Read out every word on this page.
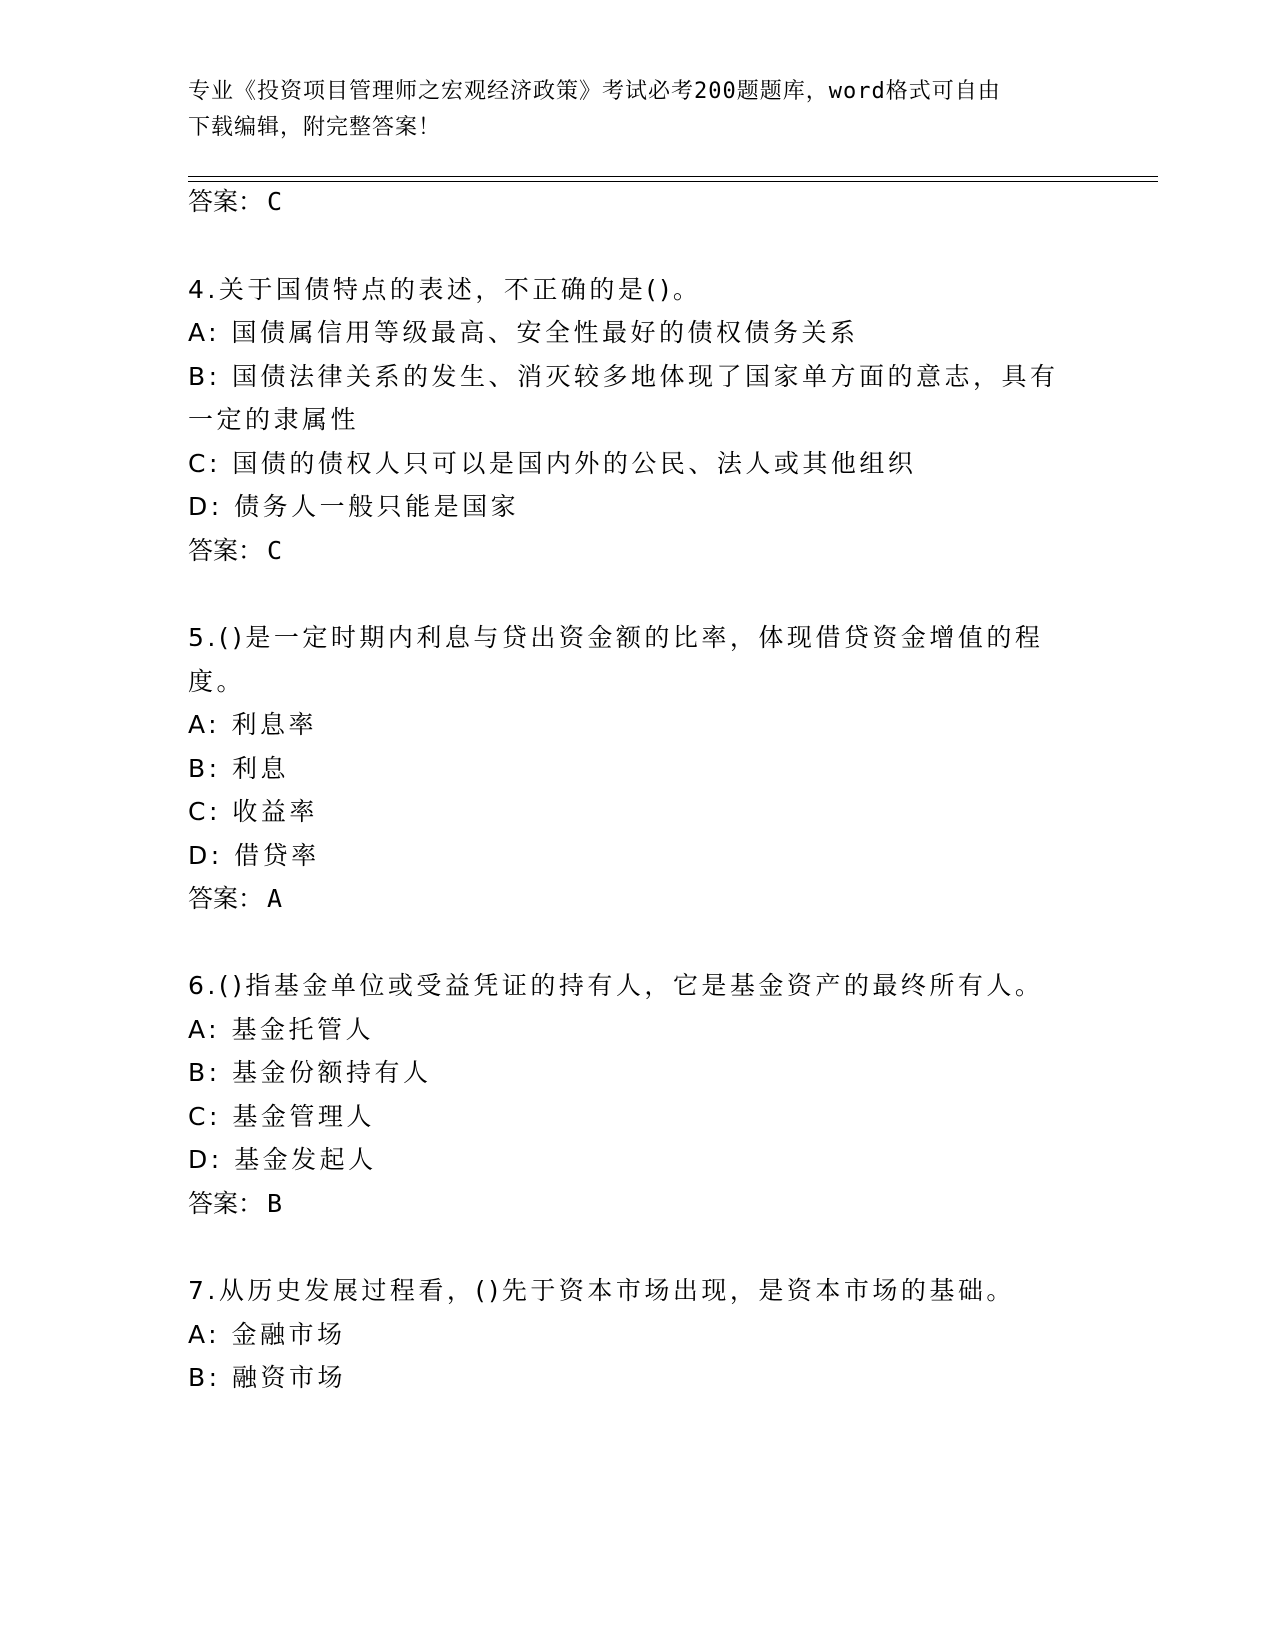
专业《投资项目管理师之宏观经济政策》考试必考200题题库，word格式可自由
下载编辑，附完整答案！
答案： C
4.关于国债特点的表述，不正确的是()。
A: 国债属信用等级最高、安全性最好的债权债务关系
B: 国债法律关系的发生、消灭较多地体现了国家单方面的意志，具有
一定的隶属性
C: 国债的债权人只可以是国内外的公民、法人或其他组织
D: 债务人一般只能是国家
答案： C
5.()是一定时期内利息与贷出资金额的比率，体现借贷资金增值的程
度。
A: 利息率
B: 利息
C: 收益率
D: 借贷率
答案： A
6.()指基金单位或受益凭证的持有人，它是基金资产的最终所有人。
A: 基金托管人
B: 基金份额持有人
C: 基金管理人
D: 基金发起人
答案： B
7.从历史发展过程看，()先于资本市场出现，是资本市场的基础。
A: 金融市场
B: 融资市场
